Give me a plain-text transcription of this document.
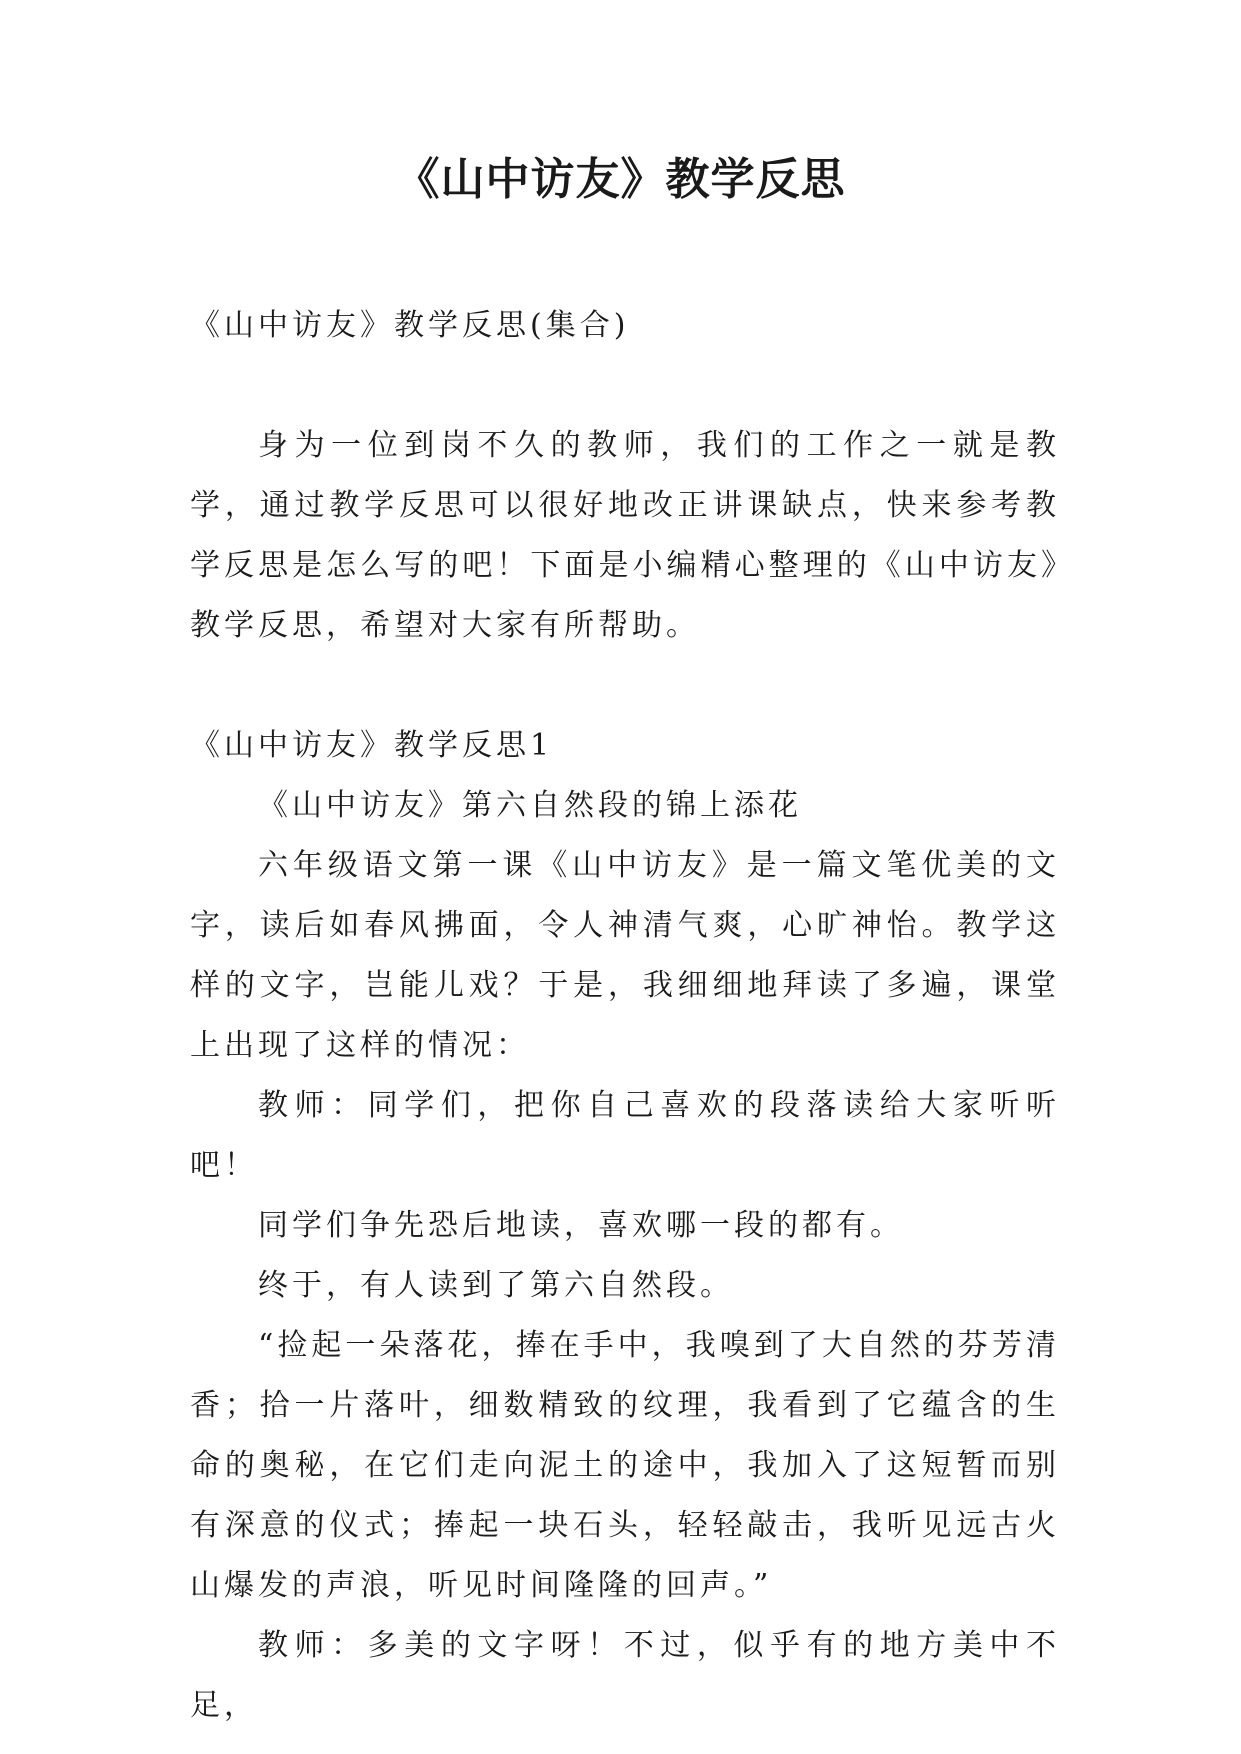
《山中访友》教学反思

《山中访友》教学反思(集合)

身为一位到岗不久的教师，我们的工作之一就是教学，通过教学反思可以很好地改正讲课缺点，快来参考教学反思是怎么写的吧！下面是小编精心整理的《山中访友》教学反思，希望对大家有所帮助。

《山中访友》教学反思1

《山中访友》第六自然段的锦上添花

六年级语文第一课《山中访友》是一篇文笔优美的文字，读后如春风拂面，令人神清气爽，心旷神怡。教学这样的文字，岂能儿戏？于是，我细细地拜读了多遍，课堂上出现了这样的情况：

教师：同学们，把你自己喜欢的段落读给大家听听吧！

同学们争先恐后地读，喜欢哪一段的都有。

终于，有人读到了第六自然段。

“捡起一朵落花，捧在手中，我嗅到了大自然的芬芳清香；拾一片落叶，细数精致的纹理，我看到了它蕴含的生命的奥秘，在它们走向泥土的途中，我加入了这短暂而别有深意的仪式；捧起一块石头，轻轻敲击，我听见远古火山爆发的声浪，听见时间隆隆的回声。”

教师：多美的文字呀！不过，似乎有的地方美中不足，
